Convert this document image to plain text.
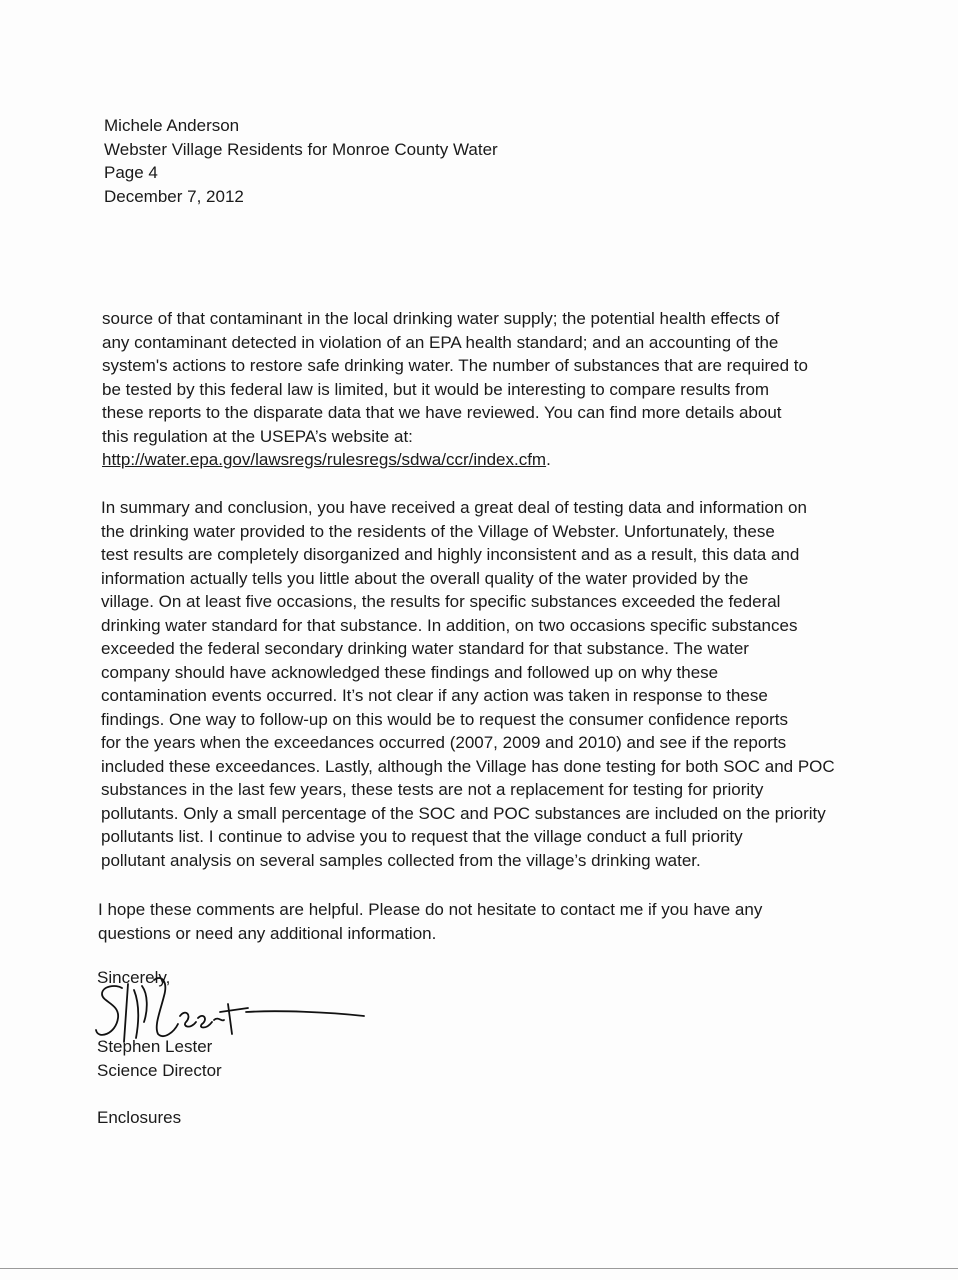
Michele Anderson
Webster Village Residents for Monroe County Water
Page 4
December 7, 2012
source of that contaminant in the local drinking water supply; the potential health effects of
any contaminant detected in violation of an EPA health standard; and an accounting of the
system's actions to restore safe drinking water. The number of substances that are required to
be tested by this federal law is limited, but it would be interesting to compare results from
these reports to the disparate data that we have reviewed. You can find more details about
this regulation at the USEPA’s website at:
http://water.epa.gov/lawsregs/rulesregs/sdwa/ccr/index.cfm.
In summary and conclusion, you have received a great deal of testing data and information on
the drinking water provided to the residents of the Village of Webster. Unfortunately, these
test results are completely disorganized and highly inconsistent and as a result, this data and
information actually tells you little about the overall quality of the water provided by the
village. On at least five occasions, the results for specific substances exceeded the federal
drinking water standard for that substance. In addition, on two occasions specific substances
exceeded the federal secondary drinking water standard for that substance. The water
company should have acknowledged these findings and followed up on why these
contamination events occurred. It’s not clear if any action was taken in response to these
findings. One way to follow-up on this would be to request the consumer confidence reports
for the years when the exceedances occurred (2007, 2009 and 2010) and see if the reports
included these exceedances. Lastly, although the Village has done testing for both SOC and POC
substances in the last few years, these tests are not a replacement for testing for priority
pollutants. Only a small percentage of the SOC and POC substances are included on the priority
pollutants list. I continue to advise you to request that the village conduct a full priority
pollutant analysis on several samples collected from the village’s drinking water.
I hope these comments are helpful. Please do not hesitate to contact me if you have any
questions or need any additional information.
Sincerely,
SLester
Stephen Lester
Science Director
Enclosures
